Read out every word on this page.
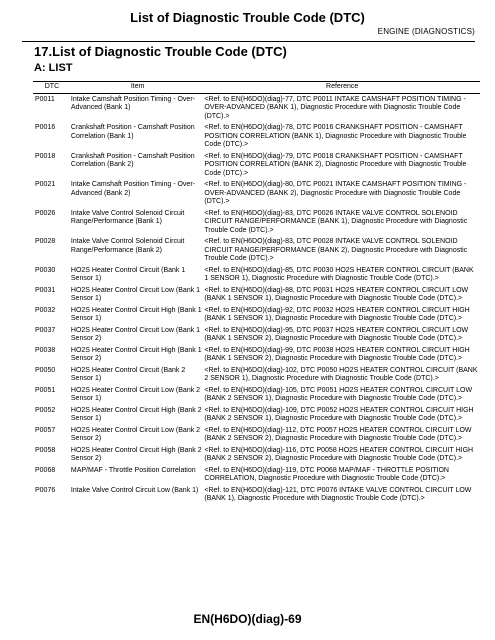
List of Diagnostic Trouble Code (DTC)
ENGINE (DIAGNOSTICS)
17.List of Diagnostic Trouble Code (DTC)
A: LIST
DTC	Item	Reference
P0011	Intake Camshaft Position Timing - Over-Advanced (Bank 1)	<Ref. to EN(H6DO)(diag)-77, DTC P0011 INTAKE CAMSHAFT POSITION TIMING - OVER-ADVANCED (BANK 1), Diagnostic Procedure with Diagnostic Trouble Code (DTC).>
P0016	Crankshaft Position - Camshaft Position Correlation (Bank 1)	<Ref. to EN(H6DO)(diag)-78, DTC P0016 CRANKSHAFT POSITION - CAMSHAFT POSITION CORRELATION (BANK 1), Diagnostic Procedure with Diagnostic Trouble Code (DTC).>
P0018	Crankshaft Position - Camshaft Position Correlation (Bank 2)	<Ref. to EN(H6DO)(diag)-79, DTC P0018 CRANKSHAFT POSITION - CAMSHAFT POSITION CORRELATION (BANK 2), Diagnostic Procedure with Diagnostic Trouble Code (DTC).>
P0021	Intake Camshaft Position Timing - Over-Advanced (Bank 2)	<Ref. to EN(H6DO)(diag)-80, DTC P0021 INTAKE CAMSHAFT POSITION TIMING - OVER-ADVANCED (BANK 2), Diagnostic Procedure with Diagnostic Trouble Code (DTC).>
P0026	Intake Valve Control Solenoid Circuit Range/Performance (Bank 1)	<Ref. to EN(H6DO)(diag)-83, DTC P0026 INTAKE VALVE CONTROL SOLENOID CIRCUIT RANGE/PERFORMANCE (BANK 1), Diagnostic Procedure with Diagnostic Trouble Code (DTC).>
P0028	Intake Valve Control Solenoid Circuit Range/Performance (Bank 2)	<Ref. to EN(H6DO)(diag)-83, DTC P0028 INTAKE VALVE CONTROL SOLENOID CIRCUIT RANGE/PERFORMANCE (BANK 2), Diagnostic Procedure with Diagnostic Trouble Code (DTC).>
P0030	HO2S Heater Control Circuit (Bank 1 Sensor 1)	<Ref. to EN(H6DO)(diag)-85, DTC P0030 HO2S HEATER CONTROL CIRCUIT (BANK 1 SENSOR 1), Diagnostic Procedure with Diagnostic Trouble Code (DTC).>
P0031	HO2S Heater Control Circuit Low (Bank 1 Sensor 1)	<Ref. to EN(H6DO)(diag)-88, DTC P0031 HO2S HEATER CONTROL CIRCUIT LOW (BANK 1 SENSOR 1), Diagnostic Procedure with Diagnostic Trouble Code (DTC).>
P0032	HO2S Heater Control Circuit High (Bank 1 Sensor 1)	<Ref. to EN(H6DO)(diag)-92, DTC P0032 HO2S HEATER CONTROL CIRCUIT HIGH (BANK 1 SENSOR 1), Diagnostic Procedure with Diagnostic Trouble Code (DTC).>
P0037	HO2S Heater Control Circuit Low (Bank 1 Sensor 2)	<Ref. to EN(H6DO)(diag)-95, DTC P0037 HO2S HEATER CONTROL CIRCUIT LOW (BANK 1 SENSOR 2), Diagnostic Procedure with Diagnostic Trouble Code (DTC).>
P0038	HO2S Heater Control Circuit High (Bank 1 Sensor 2)	<Ref. to EN(H6DO)(diag)-99, DTC P0038 HO2S HEATER CONTROL CIRCUIT HIGH (BANK 1 SENSOR 2), Diagnostic Procedure with Diagnostic Trouble Code (DTC).>
P0050	HO2S Heater Control Circuit (Bank 2 Sensor 1)	<Ref. to EN(H6DO)(diag)-102, DTC P0050 HO2S HEATER CONTROL CIRCUIT (BANK 2 SENSOR 1), Diagnostic Procedure with Diagnostic Trouble Code (DTC).>
P0051	HO2S Heater Control Circuit Low (Bank 2 Sensor 1)	<Ref. to EN(H6DO)(diag)-105, DTC P0051 HO2S HEATER CONTROL CIRCUIT LOW (BANK 2 SENSOR 1), Diagnostic Procedure with Diagnostic Trouble Code (DTC).>
P0052	HO2S Heater Control Circuit High (Bank 2 Sensor 1)	<Ref. to EN(H6DO)(diag)-109, DTC P0052 HO2S HEATER CONTROL CIRCUIT HIGH (BANK 2 SENSOR 1), Diagnostic Procedure with Diagnostic Trouble Code (DTC).>
P0057	HO2S Heater Control Circuit Low (Bank 2 Sensor 2)	<Ref. to EN(H6DO)(diag)-112, DTC P0057 HO2S HEATER CONTROL CIRCUIT LOW (BANK 2 SENSOR 2), Diagnostic Procedure with Diagnostic Trouble Code (DTC).>
P0058	HO2S Heater Control Circuit High (Bank 2 Sensor 2)	<Ref. to EN(H6DO)(diag)-116, DTC P0058 HO2S HEATER CONTROL CIRCUIT HIGH (BANK 2 SENSOR 2), Diagnostic Procedure with Diagnostic Trouble Code (DTC).>
P0068	MAP/MAF - Throttle Position Correlation	<Ref. to EN(H6DO)(diag)-119, DTC P0068 MAP/MAF - THROTTLE POSITION CORRELATION, Diagnostic Procedure with Diagnostic Trouble Code (DTC).>
P0076	Intake Valve Control Circuit Low (Bank 1)	<Ref. to EN(H6DO)(diag)-121, DTC P0076 INTAKE VALVE CONTROL CIRCUIT LOW (BANK 1), Diagnostic Procedure with Diagnostic Trouble Code (DTC).>
EN(H6DO)(diag)-69
